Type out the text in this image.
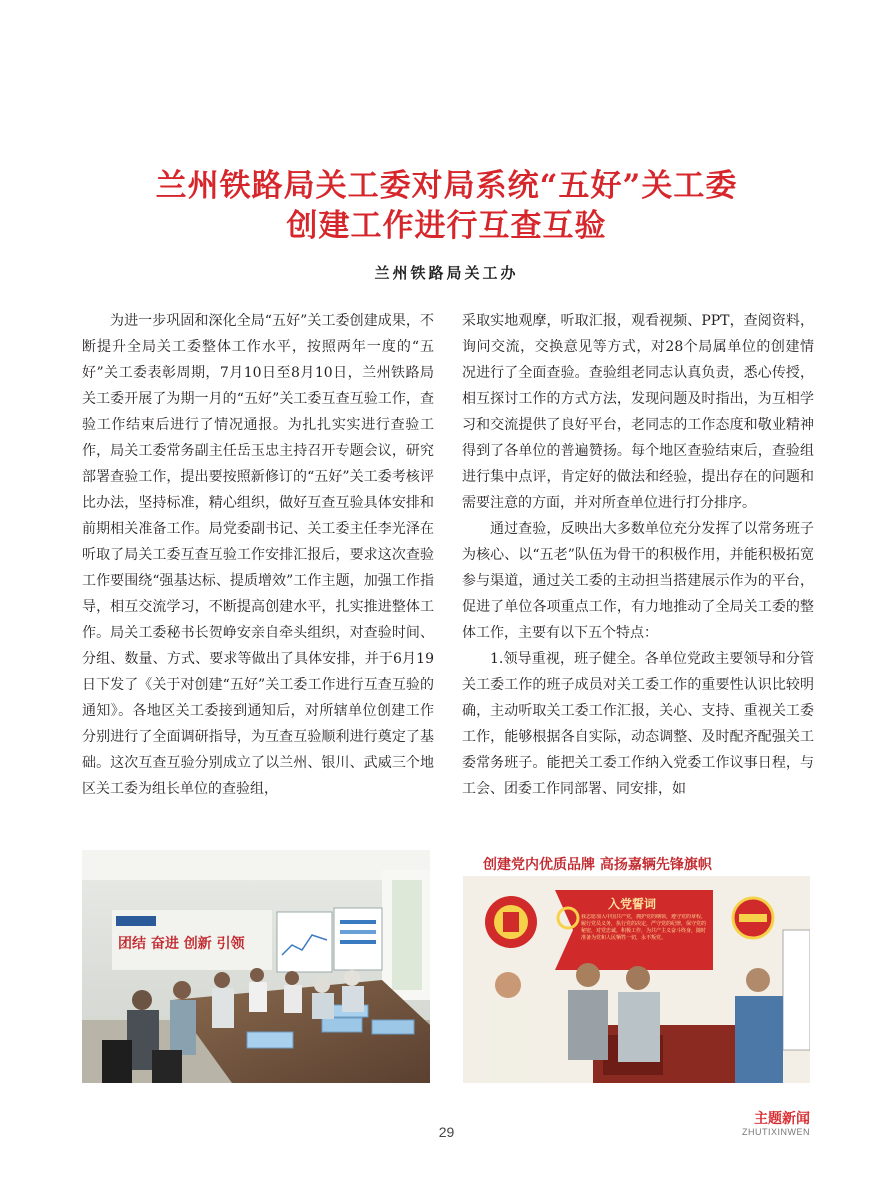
兰州铁路局关工委对局系统“五好”关工委
创建工作进行互查互验
兰州铁路局关工办

为进一步巩固和深化全局“五好”关工委创建成果，不断提升全局关工委整体工作水平，按照两年一度的“五好”关工委表彰周期，7月10日至8月10日，兰州铁路局关工委开展了为期一月的“五好”关工委互查互验工作，查验工作结束后进行了情况通报。为扎扎实实进行查验工作，局关工委常务副主任岳玉忠主持召开专题会议，研究部署查验工作，提出要按照新修订的“五好”关工委考核评比办法，坚持标准，精心组织，做好互查互验具体安排和前期相关准备工作。局党委副书记、关工委主任李光泽在听取了局关工委互查互验工作安排汇报后，要求这次查验工作要围绕“强基达标、提质增效”工作主题，加强工作指导，相互交流学习，不断提高创建水平，扎实推进整体工作。局关工委秘书长贺峥安亲自牵头组织，对查验时间、分组、数量、方式、要求等做出了具体安排，并于6月19日下发了《关于对创建“五好”关工委工作进行互查互验的通知》。各地区关工委接到通知后，对所辖单位创建工作分别进行了全面调研指导，为互查互验顺利进行奠定了基础。这次互查互验分别成立了以兰州、银川、武威三个地区关工委为组长单位的查验组，

采取实地观摩，听取汇报，观看视频、PPT，查阅资料，询问交流，交换意见等方式，对28个局属单位的创建情况进行了全面查验。查验组老同志认真负责，悉心传授，相互探讨工作的方式方法，发现问题及时指出，为互相学习和交流提供了良好平台，老同志的工作态度和敬业精神得到了各单位的普遍赞扬。每个地区查验结束后，查验组进行集中点评，肯定好的做法和经验，提出存在的问题和需要注意的方面，并对所查单位进行打分排序。

通过查验，反映出大多数单位充分发挥了以常务班子为核心、以“五老”队伍为骨干的积极作用，并能积极拓宽参与渠道，通过关工委的主动担当搭建展示作为的平台，促进了单位各项重点工作，有力地推动了全局关工委的整体工作，主要有以下五个特点：

1.领导重视，班子健全。各单位党政主要领导和分管关工委工作的班子成员对关工委工作的重要性认识比较明确，主动听取关工委工作汇报，关心、支持、重视关工委工作，能够根据各自实际，动态调整、及时配齐配强关工委常务班子。能把关工委工作纳入党委工作议事日程，与工会、团委工作同部署、同安排，如

团结 奋进 创新 引领
创建党内优质品牌 高扬嘉辆先锋旗帜
入党誓词
我志愿加入中国共产党，拥护党的纲领，遵守党的章程，履行党员义务，执行党的决定，严守党的纪律，保守党的秘密，对党忠诚，积极工作，为共产主义奋斗终身，随时准备为党和人民牺牲一切，永不叛党。
29
主题新闻
ZHUTIXINWEN
